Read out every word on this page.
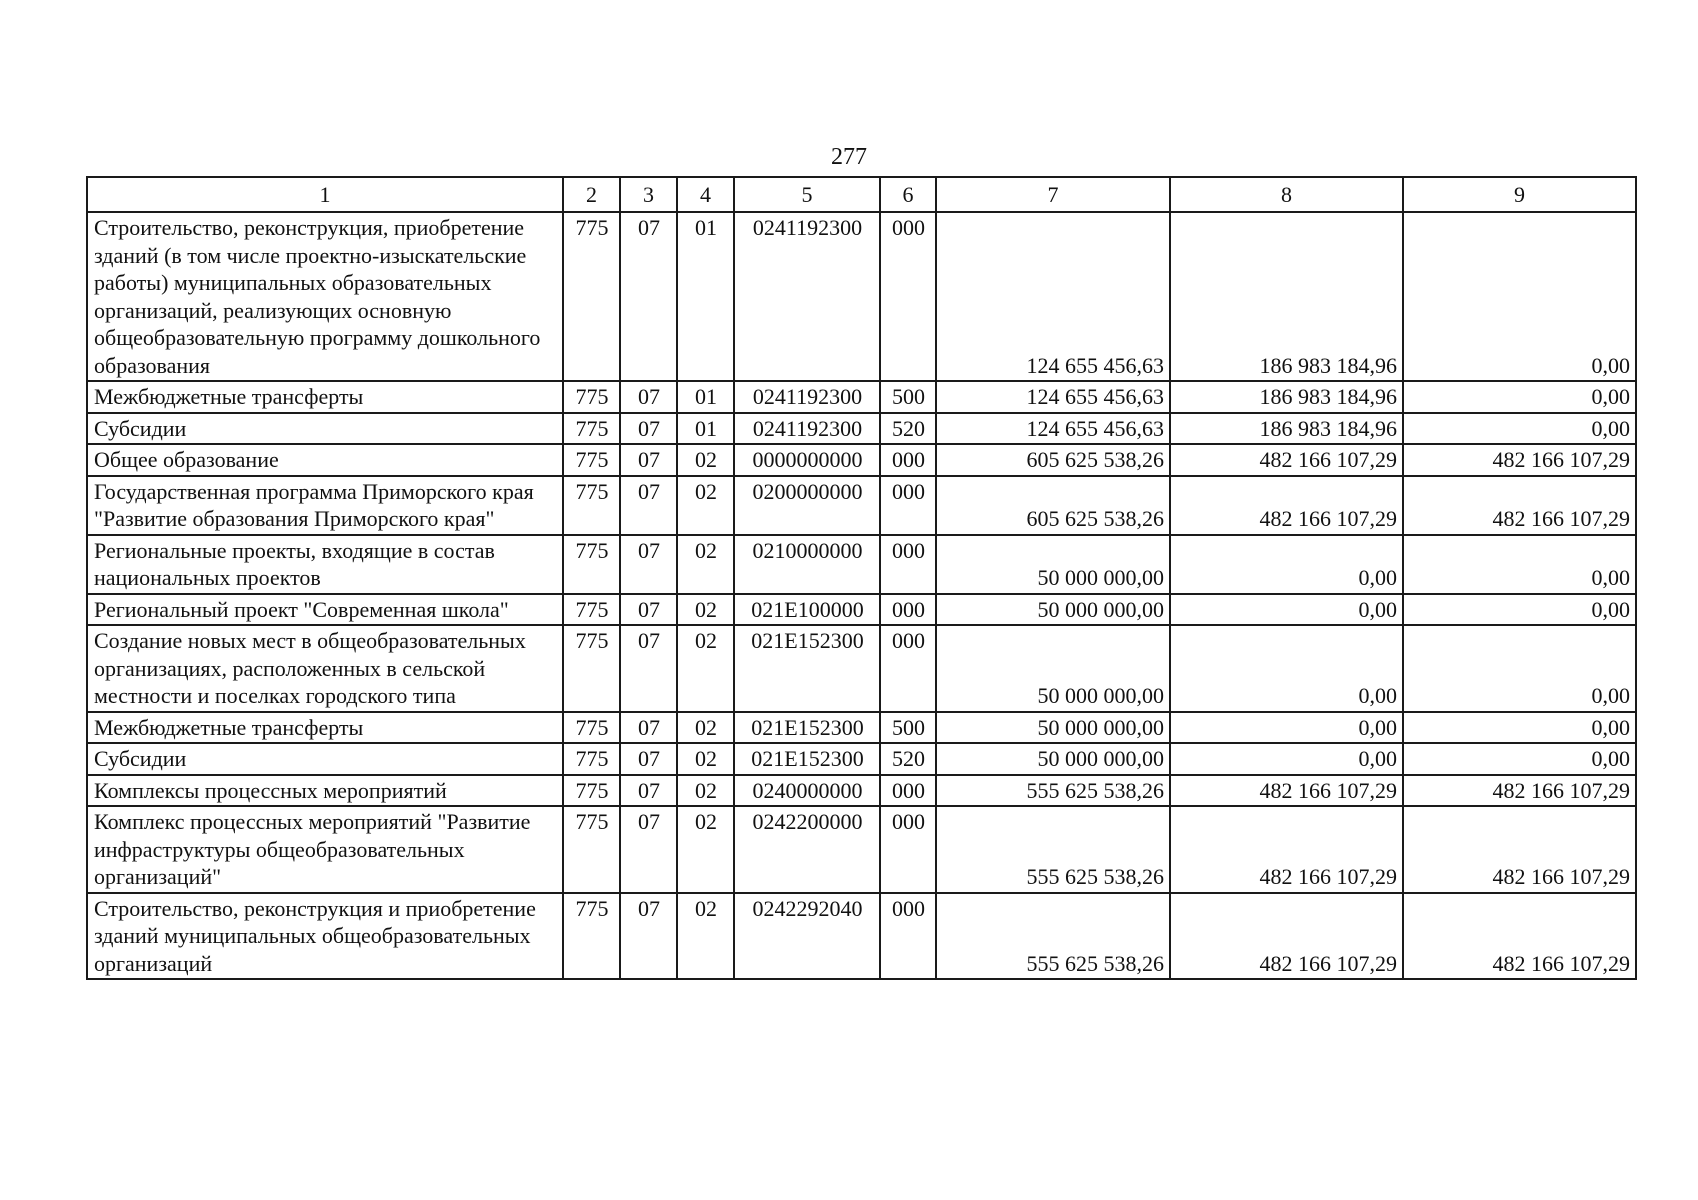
277
1	2	3	4	5	6	7	8	9
Строительство, реконструкция, приобретение зданий (в том числе проектно-изыскательские работы) муниципальных образовательных организаций, реализующих основную общеобразовательную программу дошкольного образования	775	07	01	0241192300	000	124 655 456,63	186 983 184,96	0,00
Межбюджетные трансферты	775	07	01	0241192300	500	124 655 456,63	186 983 184,96	0,00
Субсидии	775	07	01	0241192300	520	124 655 456,63	186 983 184,96	0,00
Общее образование	775	07	02	0000000000	000	605 625 538,26	482 166 107,29	482 166 107,29
Государственная программа Приморского края "Развитие образования Приморского края"	775	07	02	0200000000	000	605 625 538,26	482 166 107,29	482 166 107,29
Региональные проекты, входящие в состав национальных проектов	775	07	02	0210000000	000	50 000 000,00	0,00	0,00
Региональный проект "Современная школа"	775	07	02	021E100000	000	50 000 000,00	0,00	0,00
Создание новых мест в общеобразовательных организациях, расположенных в сельской местности и поселках городского типа	775	07	02	021E152300	000	50 000 000,00	0,00	0,00
Межбюджетные трансферты	775	07	02	021E152300	500	50 000 000,00	0,00	0,00
Субсидии	775	07	02	021E152300	520	50 000 000,00	0,00	0,00
Комплексы процессных мероприятий	775	07	02	0240000000	000	555 625 538,26	482 166 107,29	482 166 107,29
Комплекс процессных мероприятий "Развитие инфраструктуры общеобразовательных организаций"	775	07	02	0242200000	000	555 625 538,26	482 166 107,29	482 166 107,29
Строительство, реконструкция и приобретение зданий муниципальных общеобразовательных организаций	775	07	02	0242292040	000	555 625 538,26	482 166 107,29	482 166 107,29
